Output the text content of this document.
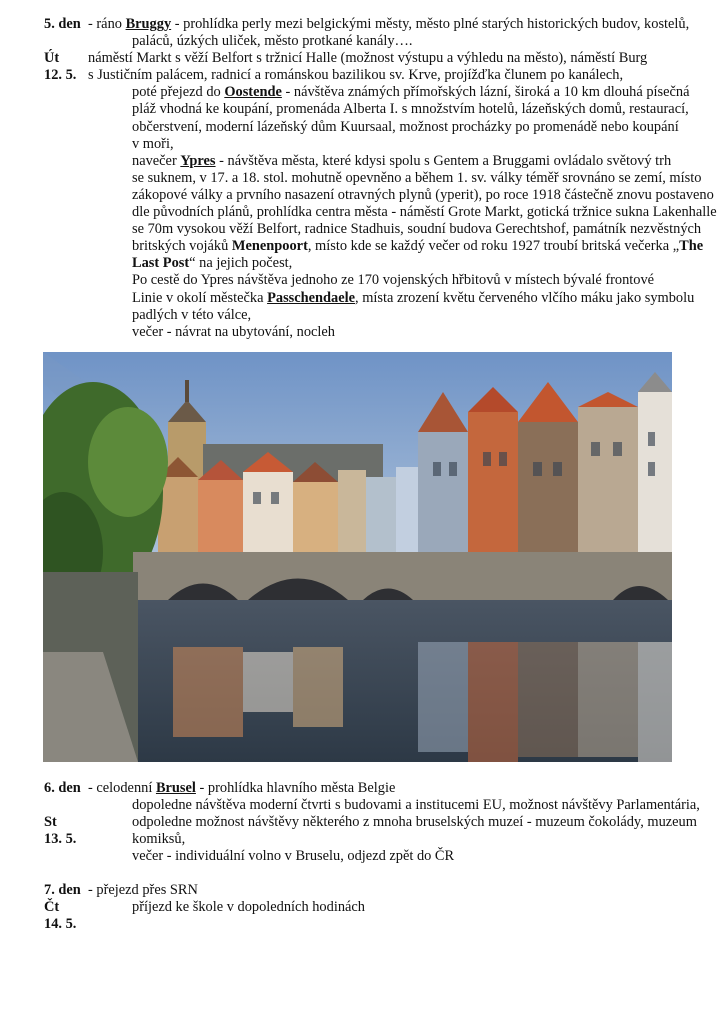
5. den
Út
12. 5.
- ráno Bruggy - prohlídka perly mezi belgickými městy, město plné starých historických budov, kostelů,
paláců, úzkých uliček, město protkané kanály….
náměstí Markt s věží Belfort s tržnicí Halle (možnost výstupu a výhledu na město), náměstí Burg
s Justičním palácem, radnicí a románskou bazilikou sv. Krve, projížďka člunem po kanálech,
poté přejezd do Oostende - návštěva známých přímořských lázní, široká a 10 km dlouhá písečná
pláž vhodná ke koupání, promenáda Alberta I. s množstvím hotelů, lázeňských domů, restaurací,
občerstvení, moderní lázeňský dům Kuursaal, možnost procházky po promenádě nebo koupání
v moři,
navečer Ypres - návštěva města, které kdysi spolu s Gentem a Bruggami ovládalo světový trh
se suknem, v 17. a 18. stol. mohutně opevněno a během 1. sv. války téměř srovnáno se zemí, místo
zákopové války a prvního nasazení otravných plynů (yperit), po roce 1918 částečně znovu postaveno
dle původních plánů, prohlídka centra města - náměstí Grote Markt, gotická tržnice sukna Lakenhalle
se 70m vysokou věží Belfort, radnice Stadhuis, soudní budova Gerechtshof, památník nezvěstných
britských vojáků Menenpoort, místo kde se každý večer od roku 1927 troubí britská večerka „The
Last Post“ na jejich počest,
Po cestě do Ypres návštěva jednoho ze 170 vojenských hřbitovů v místech bývalé frontové
Linie v okolí městečka Passchendaele, místa zrození květu červeného vlčího máku jako symbolu
padlých v této válce,
večer - návrat na ubytování, nocleh
6. den
St
13. 5.
- celodenní Brusel - prohlídka hlavního města Belgie
dopoledne návštěva moderní čtvrti s budovami a institucemi EU, možnost návštěvy Parlamentária,
odpoledne možnost návštěvy některého z mnoha bruselských muzeí - muzeum čokolády, muzeum
komiksů,
večer - individuální volno v Bruselu, odjezd zpět do ČR
7. den
Čt
14. 5.
- přejezd přes SRN
příjezd ke škole v dopoledních hodinách
